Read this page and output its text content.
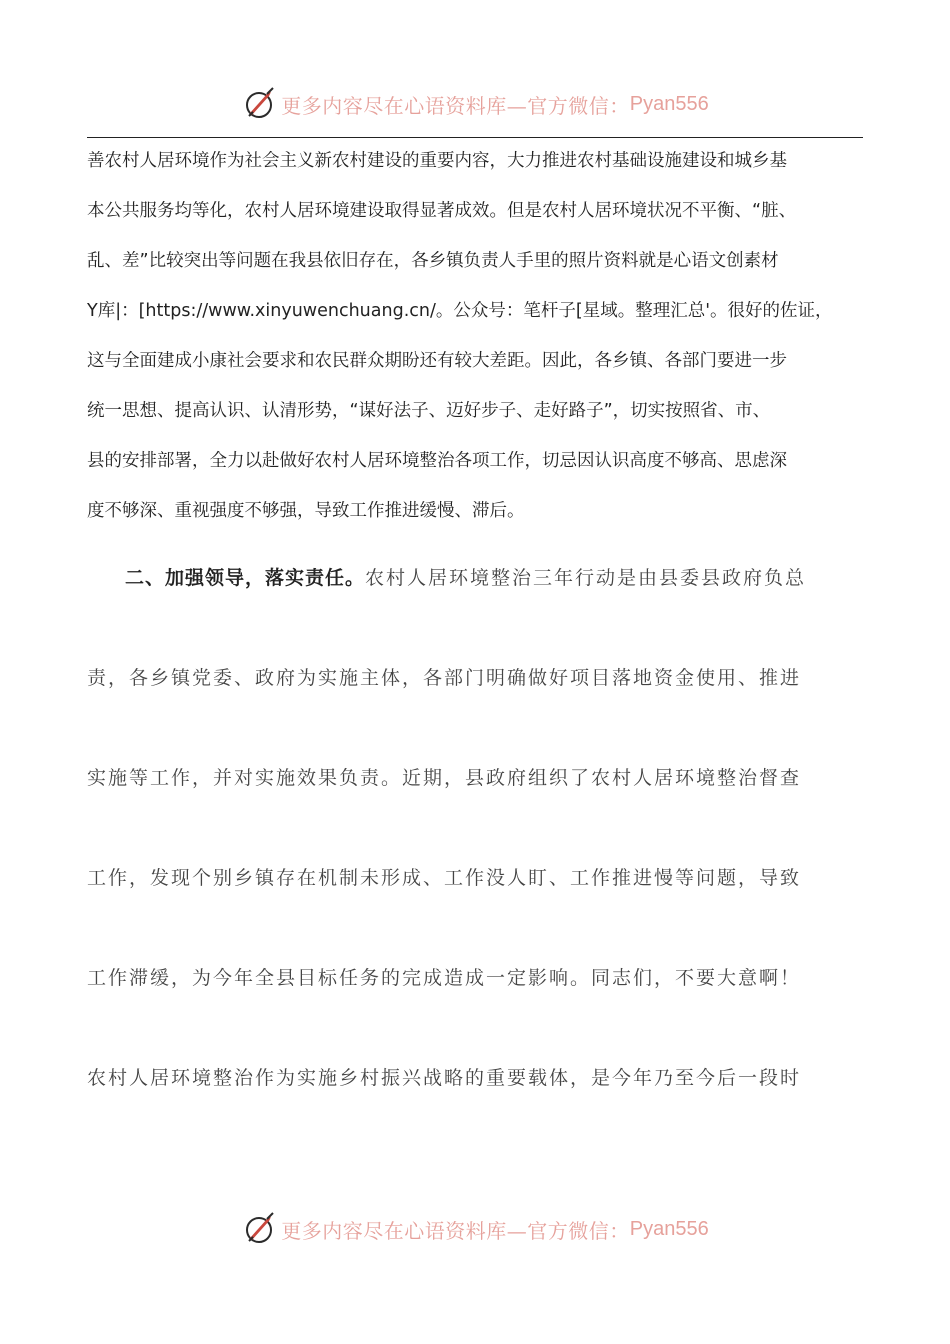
更多内容尽在心语资料库—官方微信： Pyan556
善农村人居环境作为社会主义新农村建设的重要内容，大力推进农村基础设施建设和城乡基
本公共服务均等化，农村人居环境建设取得显著成效。但是农村人居环境状况不平衡、“脏、
乱、差”比较突出等问题在我县依旧存在，各乡镇负责人手里的照片资料就是心语文创素材
Y库|：[https://www.xinyuwenchuang.cn/。公众号：笔杆子[星域。整理汇总'。很好的佐证，
这与全面建成小康社会要求和农民群众期盼还有较大差距。因此，各乡镇、各部门要进一步
统一思想、提高认识、认清形势，“谋好法子、迈好步子、走好路子”，切实按照省、市、
县的安排部署，全力以赴做好农村人居环境整治各项工作，切忌因认识高度不够高、思虑深
度不够深、重视强度不够强，导致工作推进缓慢、滞后。
二、加强领导，落实责任。农村人居环境整治三年行动是由县委县政府负总
责，各乡镇党委、政府为实施主体，各部门明确做好项目落地资金使用、推进
实施等工作，并对实施效果负责。近期，县政府组织了农村人居环境整治督查
工作，发现个别乡镇存在机制未形成、工作没人盯、工作推进慢等问题，导致
工作滞缓，为今年全县目标任务的完成造成一定影响。同志们，不要大意啊！
农村人居环境整治作为实施乡村振兴战略的重要载体，是今年乃至今后一段时
更多内容尽在心语资料库—官方微信： Pyan556
